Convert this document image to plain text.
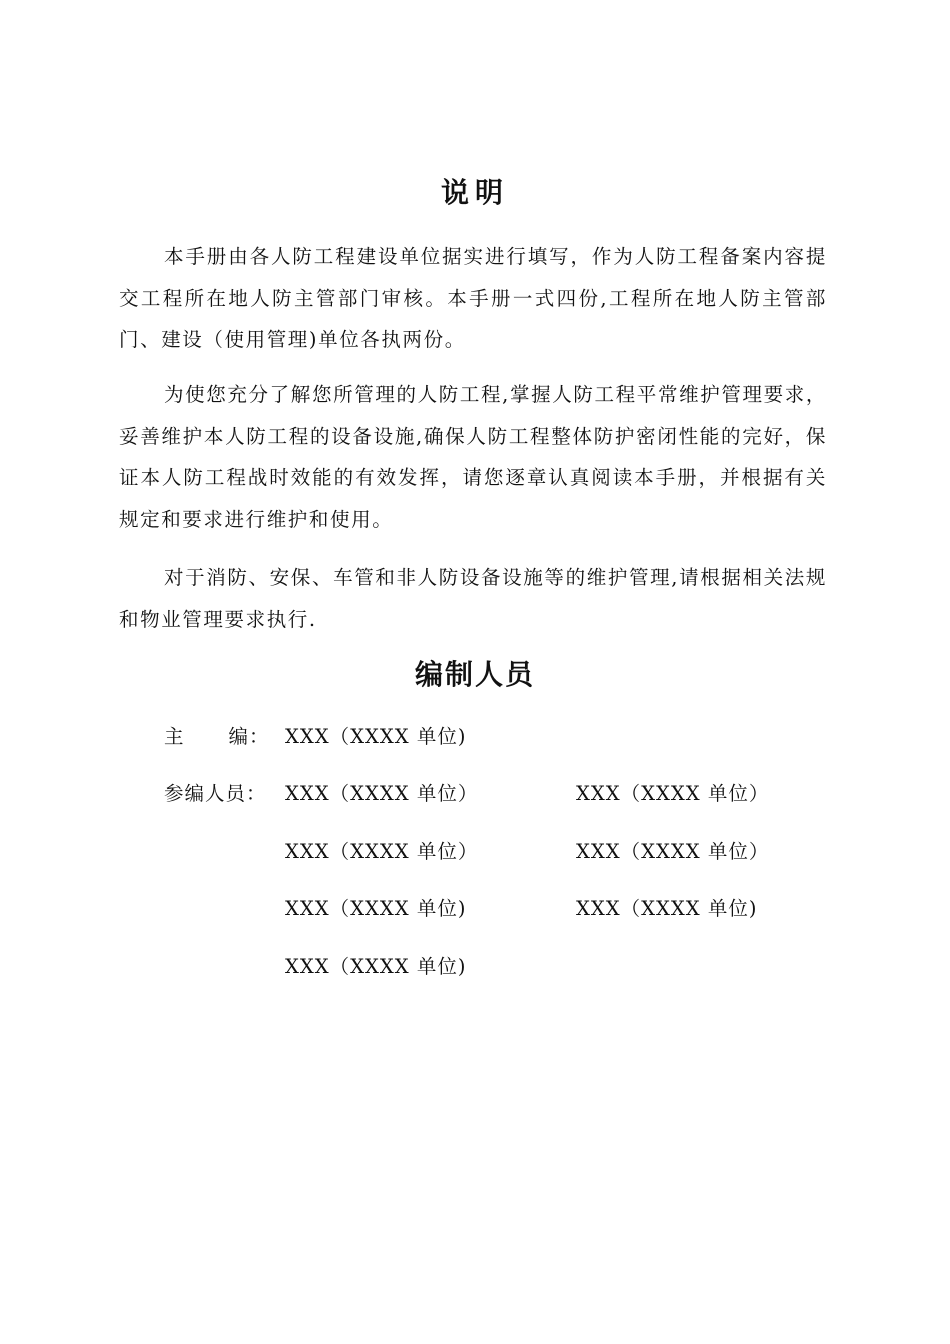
说明
本手册由各人防工程建设单位据实进行填写，作为人防工程备案内容提交工程所在地人防主管部门审核。本手册一式四份,工程所在地人防主管部门、建设（使用管理)单位各执两份。
为使您充分了解您所管理的人防工程,掌握人防工程平常维护管理要求，妥善维护本人防工程的设备设施,确保人防工程整体防护密闭性能的完好，保证本人防工程战时效能的有效发挥，请您逐章认真阅读本手册，并根据有关规定和要求进行维护和使用。
对于消防、安保、车管和非人防设备设施等的维护管理,请根据相关法规和物业管理要求执行.
编制人员
主 编： XXX（XXXX 单位)
参编人员： XXX（XXXX 单位）	XXX（XXXX 单位）
XXX（XXXX 单位）	XXX（XXXX 单位）
XXX（XXXX 单位)	XXX（XXXX 单位)
XXX（XXXX 单位)
